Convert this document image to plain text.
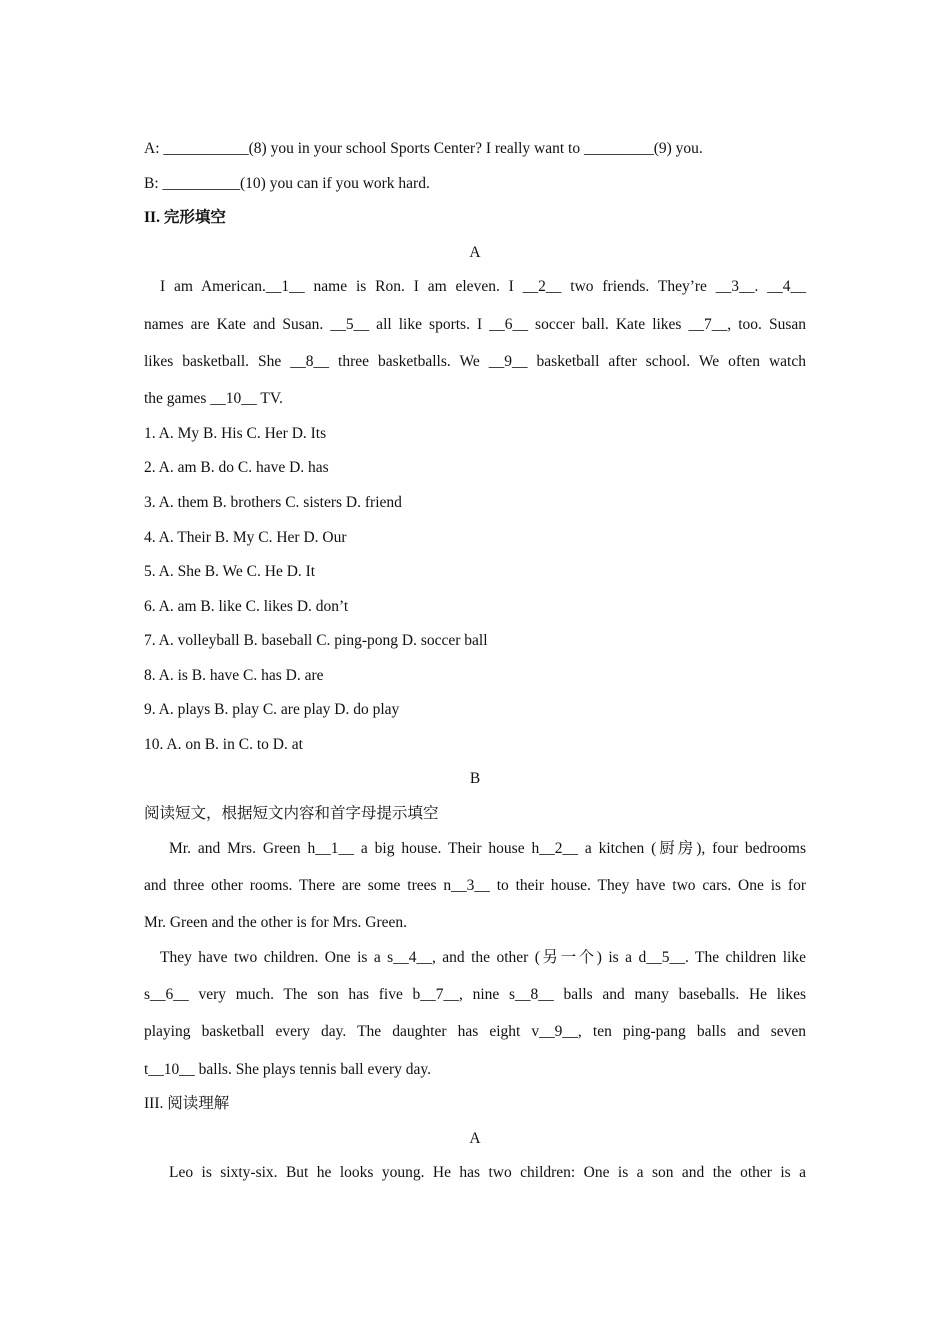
A: ___________(8) you in your school Sports Center? I really want to _________(9) you.
B: __________(10) you can if you work hard.
II. 完形填空
A
I am American.__1__ name is Ron. I am eleven. I __2__ two friends. They’re __3__. __4__
names are Kate and Susan. __5__ all like sports. I __6__ soccer ball. Kate likes __7__, too. Susan
likes basketball. She __8__ three basketballs. We __9__ basketball after school. We often watch
the games __10__ TV.
1. A. My B. His C. Her D. Its
2. A. am B. do C. have D. has
3. A. them B. brothers C. sisters D. friend
4. A. Their B. My C. Her D. Our
5. A. She B. We C. He D. It
6. A. am B. like C. likes D. don’t
7. A. volleyball B. baseball C. ping-pong D. soccer ball
8. A. is B. have C. has D. are
9. A. plays B. play C. are play D. do play
10. A. on B. in C. to D. at
B
阅读短文，根据短文内容和首字母提示填空
Mr. and Mrs. Green h__1__ a big house. Their house h__2__ a kitchen (厨房), four bedrooms
and three other rooms. There are some trees n__3__ to their house. They have two cars. One is for
Mr. Green and the other is for Mrs. Green.
They have two children. One is a s__4__, and the other (另一个) is a d__5__. The children like
s__6__ very much. The son has five b__7__, nine s__8__ balls and many baseballs. He likes
playing basketball every day. The daughter has eight v__9__, ten ping-pang balls and seven
t__10__ balls. She plays tennis ball every day.
III. 阅读理解
A
Leo is sixty-six. But he looks young. He has two children: One is a son and the other is a
